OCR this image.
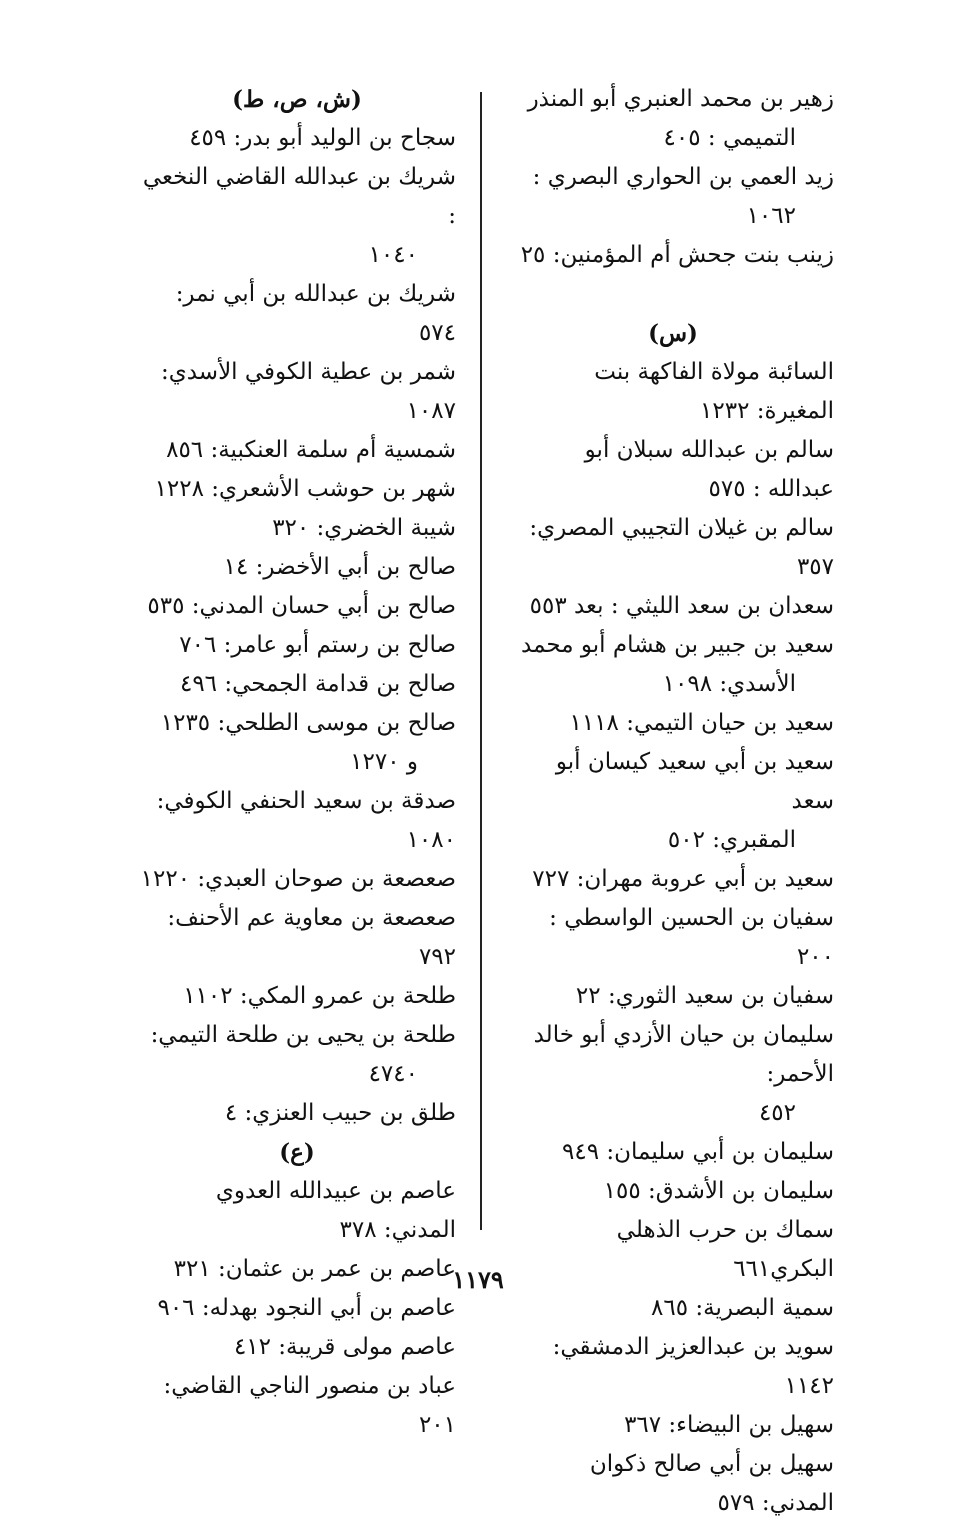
زهير بن محمد العنبري أبو المنذر
التميمي : ٤٠٥

زيد العمي بن الحواري البصري :
١٠٦٢

زينب بنت جحش أم المؤمنين: ٢٥

(س)

السائبة مولاة الفاكهة بنت المغيرة: ١٢٣٢

سالم بن عبدالله سبلان أبو عبدالله : ٥٧٥

سالم بن غيلان التجيبي المصري: ٣٥٧

سعدان بن سعد الليثي : بعد ٥٥٣

سعيد بن جبير بن هشام أبو محمد
الأسدي: ١٠٩٨

سعيد بن حيان التيمي: ١١١٨

سعيد بن أبي سعيد كيسان أبو سعد
المقبري: ٥٠٢

سعيد بن أبي عروبة مهران: ٧٢٧

سفيان بن الحسين الواسطي : ٢٠٠

سفيان بن سعيد الثوري: ٢٢

سليمان بن حيان الأزدي أبو خالد الأحمر:
٤٥٢

سليمان بن أبي سليمان: ٩٤٩

سليمان بن الأشدق: ١٥٥

سماك بن حرب الذهلي البكري٦٦١

سمية البصرية: ٨٦٥

سويد بن عبدالعزيز الدمشقي: ١١٤٢

سهيل بن البيضاء: ٣٦٧

سهيل بن أبي صالح ذكوان المدني: ٥٧٩

(ش، ص، ط)

سجاح بن الوليد أبو بدر: ٤٥٩

شريك بن عبدالله القاضي النخعي :
١٠٤٠

شريك بن عبدالله بن أبي نمر: ٥٧٤

شمر بن عطية الكوفي الأسدي: ١٠٨٧

شمسية أم سلمة العنكبية: ٨٥٦

شهر بن حوشب الأشعري: ١٢٢٨

شيبة الخضري: ٣٢٠

صالح بن أبي الأخضر: ١٤

صالح بن أبي حسان المدني: ٥٣٥

صالح بن رستم أبو عامر: ٧٠٦

صالح بن قدامة الجمحي: ٤٩٦

صالح بن موسى الطلحي: ١٢٣٥
و ١٢٧٠

صدقة بن سعيد الحنفي الكوفي: ١٠٨٠

صعصعة بن صوحان العبدي: ١٢٢٠

صعصعة بن معاوية عم الأحنف: ٧٩٢

طلحة بن عمرو المكي: ١١٠٢

طلحة بن يحيى بن طلحة التيمي:
٤٧٤٠

طلق بن حبيب العنزي: ٤

(ع)

عاصم بن عبيدالله العدوي المدني: ٣٧٨

عاصم بن عمر بن عثمان: ٣٢١

عاصم بن أبي النجود بهدله: ٩٠٦

عاصم مولى قريبة: ٤١٢

عباد بن منصور الناجي القاضي: ٢٠١

١١٧٩
